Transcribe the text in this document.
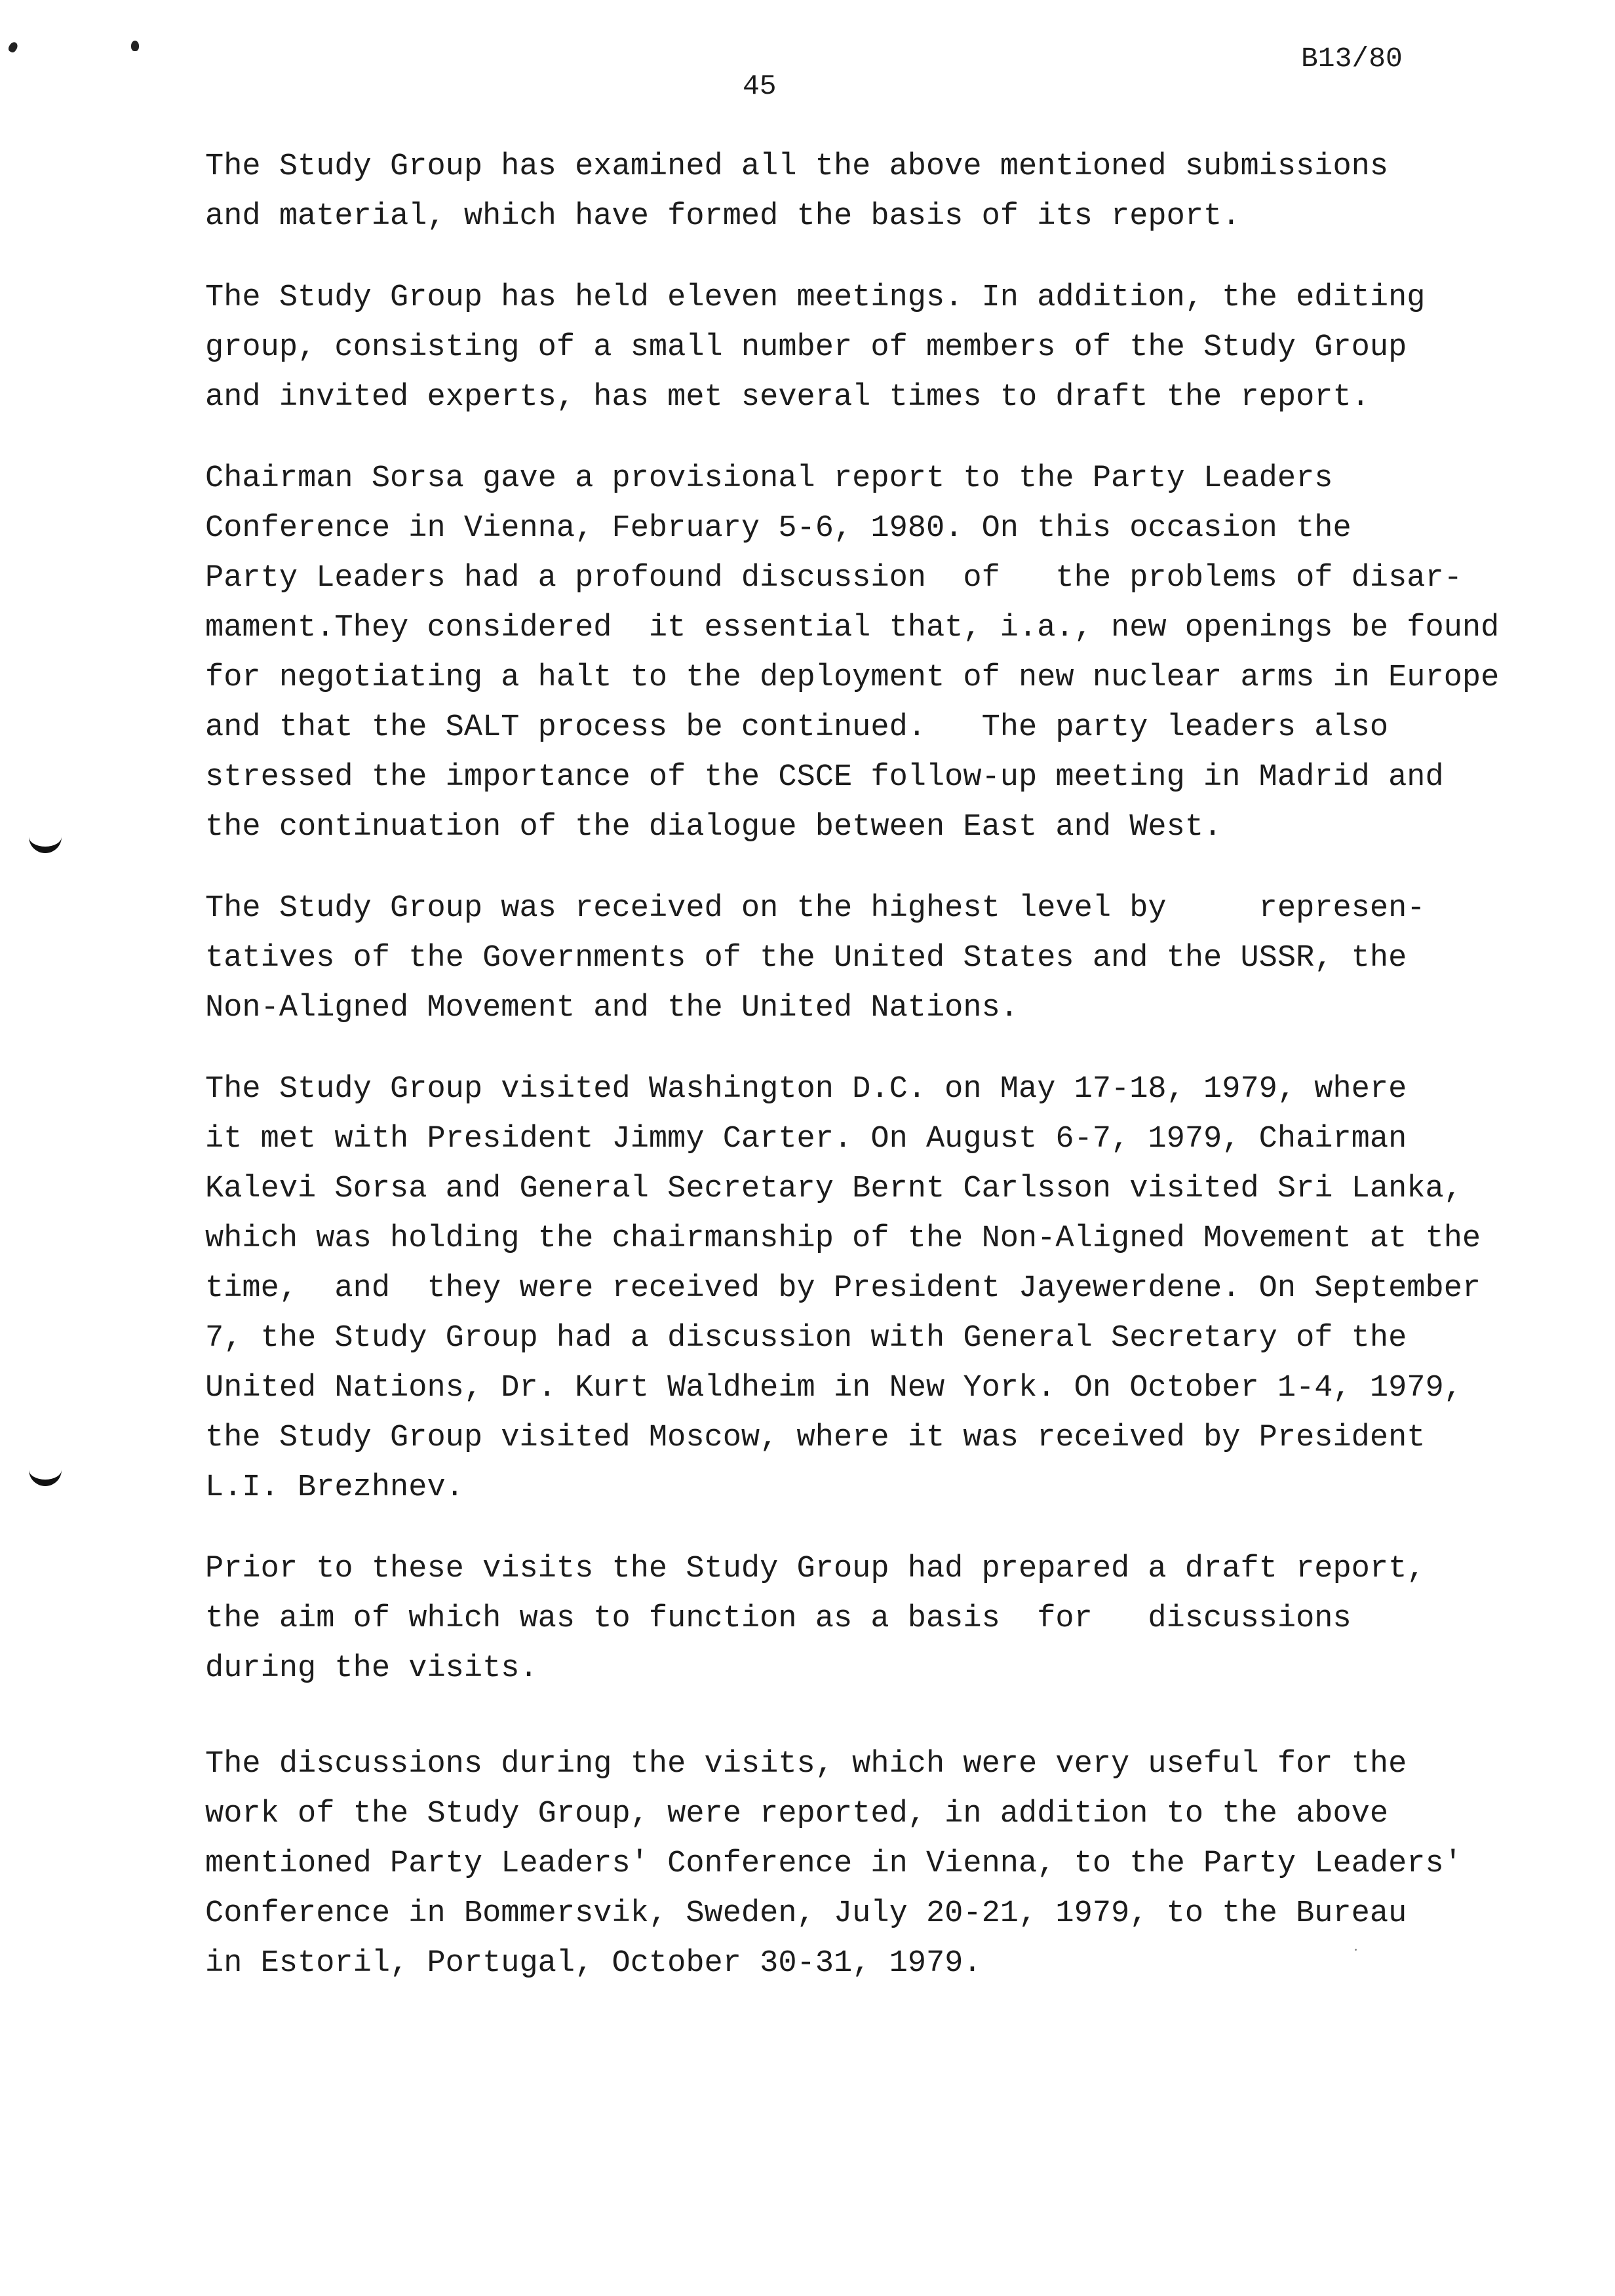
B13/80
45

The Study Group has examined all the above mentioned submissions
and material, which have formed the basis of its report.

The Study Group has held eleven meetings. In addition, the editing
group, consisting of a small number of members of the Study Group
and invited experts, has met several times to draft the report.

Chairman Sorsa gave a provisional report to the Party Leaders
Conference in Vienna, February 5-6, 1980. On this occasion the
Party Leaders had a profound discussion  of   the problems of disar-
mament.They considered  it essential that, i.a., new openings be found
for negotiating a halt to the deployment of new nuclear arms in Europe
and that the SALT process be continued.   The party leaders also
stressed the importance of the CSCE follow-up meeting in Madrid and
the continuation of the dialogue between East and West.

The Study Group was received on the highest level by     represen-
tatives of the Governments of the United States and the USSR, the
Non-Aligned Movement and the United Nations.

The Study Group visited Washington D.C. on May 17-18, 1979, where
it met with President Jimmy Carter. On August 6-7, 1979, Chairman
Kalevi Sorsa and General Secretary Bernt Carlsson visited Sri Lanka,
which was holding the chairmanship of the Non-Aligned Movement at the
time,  and  they were received by President Jayewerdene. On September
7, the Study Group had a discussion with General Secretary of the
United Nations, Dr. Kurt Waldheim in New York. On October 1-4, 1979,
the Study Group visited Moscow, where it was received by President
L.I. Brezhnev.

Prior to these visits the Study Group had prepared a draft report,
the aim of which was to function as a basis  for   discussions
during the visits.

The discussions during the visits, which were very useful for the
work of the Study Group, were reported, in addition to the above
mentioned Party Leaders' Conference in Vienna, to the Party Leaders'
Conference in Bommersvik, Sweden, July 20-21, 1979, to the Bureau
in Estoril, Portugal, October 30-31, 1979.
